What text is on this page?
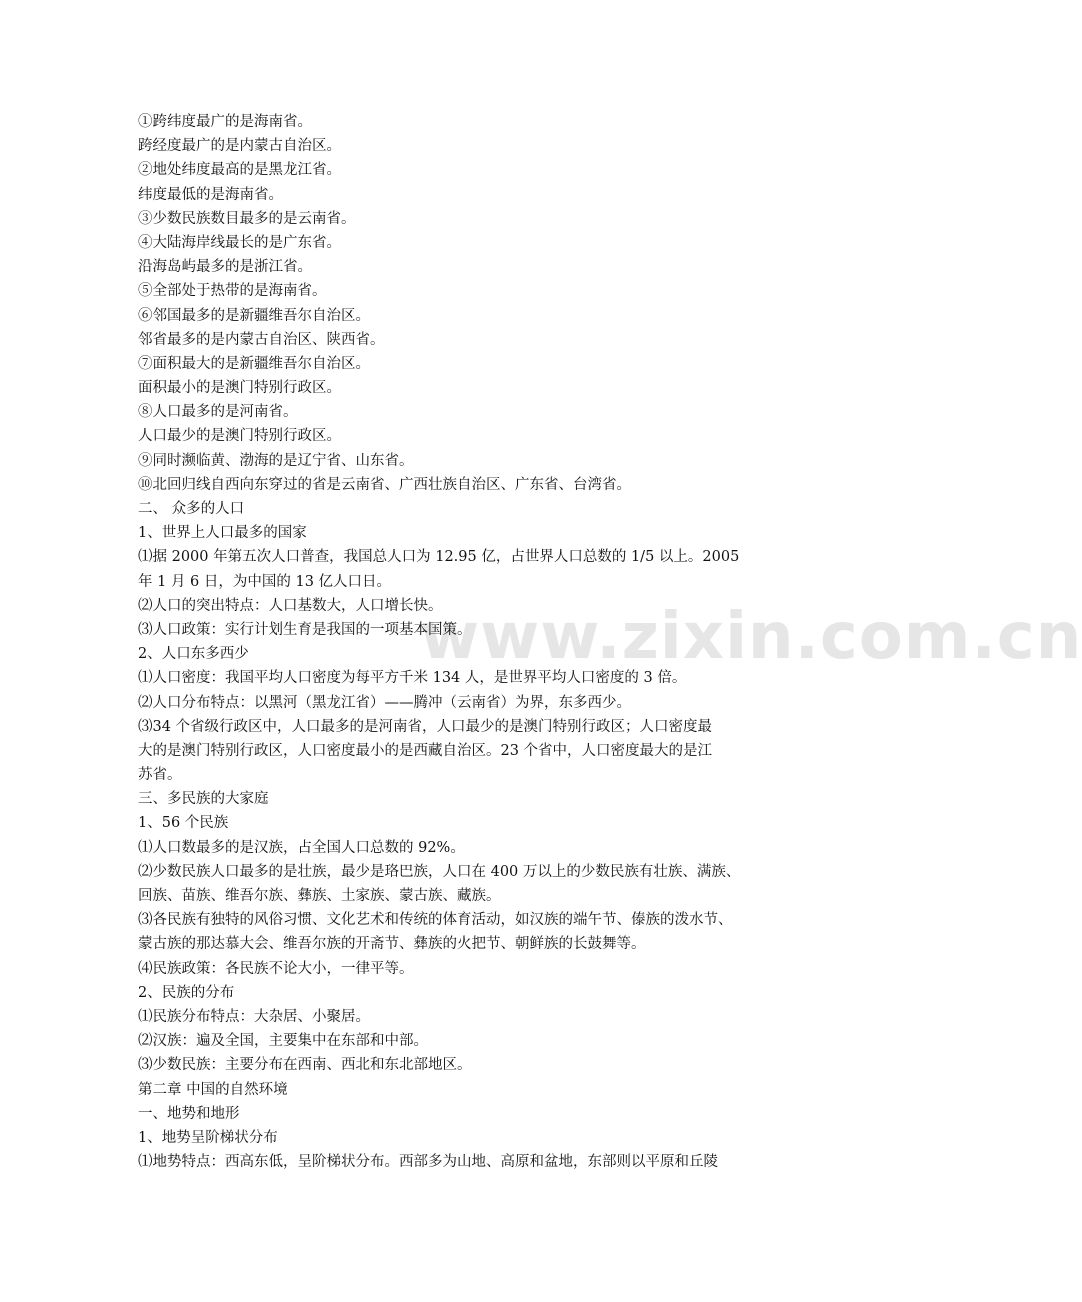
www.zixin.com.cn
①跨纬度最广的是海南省。
跨经度最广的是内蒙古自治区。
②地处纬度最高的是黑龙江省。
纬度最低的是海南省。
③少数民族数目最多的是云南省。
④大陆海岸线最长的是广东省。
沿海岛屿最多的是浙江省。
⑤全部处于热带的是海南省。
⑥邻国最多的是新疆维吾尔自治区。
邻省最多的是内蒙古自治区、陕西省。
⑦面积最大的是新疆维吾尔自治区。
面积最小的是澳门特别行政区。
⑧人口最多的是河南省。
人口最少的是澳门特别行政区。
⑨同时濒临黄、渤海的是辽宁省、山东省。
⑩北回归线自西向东穿过的省是云南省、广西壮族自治区、广东省、台湾省。
二、 众多的人口
1、世界上人口最多的国家
⑴据 2000 年第五次人口普查，我国总人口为 12.95 亿，占世界人口总数的 1/5 以上。2005
年 1 月 6 日，为中国的 13 亿人口日。
⑵人口的突出特点：人口基数大，人口增长快。
⑶人口政策：实行计划生育是我国的一项基本国策。
2、人口东多西少
⑴人口密度：我国平均人口密度为每平方千米 134 人，是世界平均人口密度的 3 倍。
⑵人口分布特点：以黑河（黑龙江省）——腾冲（云南省）为界，东多西少。
⑶34 个省级行政区中，人口最多的是河南省，人口最少的是澳门特别行政区；人口密度最
大的是澳门特别行政区，人口密度最小的是西藏自治区。23 个省中，人口密度最大的是江
苏省。
三、多民族的大家庭
1、56 个民族
⑴人口数最多的是汉族，占全国人口总数的 92%。
⑵少数民族人口最多的是壮族，最少是珞巴族，人口在 400 万以上的少数民族有壮族、满族、
回族、苗族、维吾尔族、彝族、土家族、蒙古族、藏族。
⑶各民族有独特的风俗习惯、文化艺术和传统的体育活动，如汉族的端午节、傣族的泼水节、
蒙古族的那达慕大会、维吾尔族的开斋节、彝族的火把节、朝鲜族的长鼓舞等。
⑷民族政策：各民族不论大小，一律平等。
2、民族的分布
⑴民族分布特点：大杂居、小聚居。
⑵汉族：遍及全国，主要集中在东部和中部。
⑶少数民族：主要分布在西南、西北和东北部地区。
第二章 中国的自然环境
一、地势和地形
1、地势呈阶梯状分布
⑴地势特点：西高东低，呈阶梯状分布。西部多为山地、高原和盆地，东部则以平原和丘陵
